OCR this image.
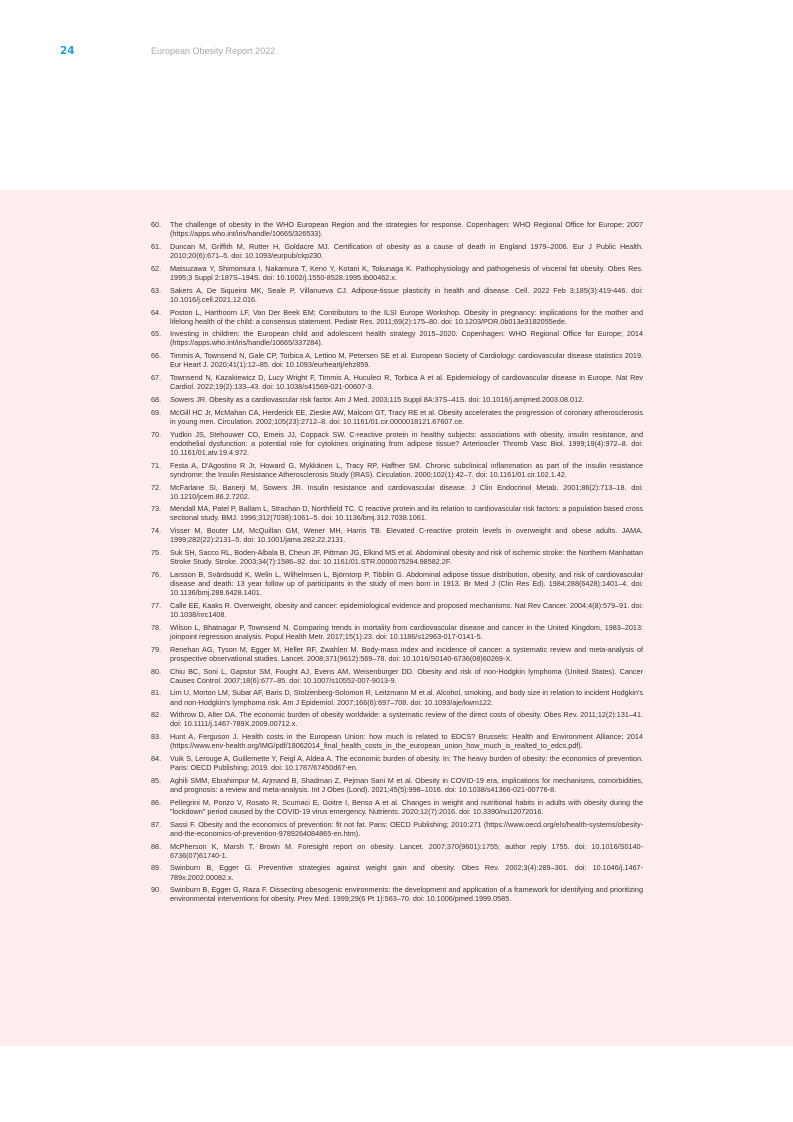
24	European Obesity Report 2022
60. The challenge of obesity in the WHO European Region and the strategies for response. Copenhagen: WHO Regional Office for Europe; 2007 (https://apps.who.int/iris/handle/10665/326533).
61. Duncan M, Griffith M, Rutter H, Goldacre MJ. Certification of obesity as a cause of death in England 1979–2006. Eur J Public Health. 2010;20(6):671–5. doi: 10.1093/eurpub/ckp230.
62. Matsuzawa Y, Shimomura I, Nakamura T, Keno Y, Kotani K, Tokunaga K. Pathophysiology and pathogenesis of visceral fat obesity. Obes Res. 1995;3 Suppl 2:187S–194S. doi: 10.1002/j.1550-8528.1995.tb00462.x.
63. Sakers A, De Siqueira MK, Seale P, Villanueva CJ. Adipose-tissue plasticity in health and disease. Cell. 2022 Feb 3;185(3):419-446. doi: 10.1016/j.cell.2021.12.016.
64. Poston L, Harthoorn LF, Van Der Beek EM; Contributors to the ILSI Europe Workshop. Obesity in pregnancy: implications for the mother and lifelong health of the child: a consensus statement. Pediatr Res. 2011;69(2):175–80. doi: 10.1203/PDR.0b013e3182055ede.
65. Investing in children: the European child and adolescent health strategy 2015–2020. Copenhagen: WHO Regional Office for Europe; 2014 (https://apps.who.int/iris/handle/10665/337284).
66. Timmis A, Townsend N, Gale CP, Torbica A, Lettino M, Petersen SE et al. European Society of Cardiology: cardiovascular disease statistics 2019. Eur Heart J. 2020;41(1):12–85. doi: 10.1093/eurheartj/ehz859.
67. Townsend N, Kazakiewicz D, Lucy Wright F, Timmis A, Huculeci R, Torbica A et al. Epidemiology of cardiovascular disease in Europe. Nat Rev Cardiol. 2022;19(2):133–43. doi: 10.1038/s41569-021-00607-3.
68. Sowers JR. Obesity as a cardiovascular risk factor. Am J Med. 2003;115 Suppl 8A:37S–41S. doi: 10.1016/j.amjmed.2003.08.012.
69. McGill HC Jr, McMahan CA, Herderick EE, Zieske AW, Malcom GT, Tracy RE et al. Obesity accelerates the progression of coronary atherosclerosis in young men. Circulation. 2002;105(23):2712–8. doi: 10.1161/01.cir.0000018121.67607.ce.
70. Yudkin JS, Stehouwer CD, Emeis JJ, Coppack SW. C-reactive protein in healthy subjects: associations with obesity, insulin resistance, and endothelial dysfunction: a potential role for cytokines originating from adipose tissue? Arterioscler Thromb Vasc Biol. 1999;19(4):972–8. doi: 10.1161/01.atv.19.4.972.
71. Festa A, D'Agostino R Jr, Howard G, Mykkänen L, Tracy RP, Haffner SM. Chronic subclinical inflammation as part of the insulin resistance syndrome: the Insulin Resistance Atherosclerosis Study (IRAS). Circulation. 2000;102(1):42–7. doi: 10.1161/01.cir.102.1.42.
72. McFarlane SI, Banerji M, Sowers JR. Insulin resistance and cardiovascular disease. J Clin Endocrinol Metab. 2001;86(2):713–18. doi: 10.1210/jcem.86.2.7202.
73. Mendall MA, Patel P, Ballam L, Strachan D, Northfield TC. C reactive protein and its relation to cardiovascular risk factors: a population based cross sectional study. BMJ. 1996;312(7038):1061–5. doi: 10.1136/bmj.312.7038.1061.
74. Visser M, Bouter LM, McQuillan GM, Wener MH, Harris TB. Elevated C-reactive protein levels in overweight and obese adults. JAMA. 1999;282(22):2131–5. doi: 10.1001/jama.282.22.2131.
75. Suk SH, Sacco RL, Boden-Albala B, Cheun JF, Pittman JG, Elkind MS et al. Abdominal obesity and risk of ischemic stroke: the Northern Manhattan Stroke Study. Stroke. 2003;34(7):1586–92. doi: 10.1161/01.STR.0000075294.98582.2F.
76. Larsson B, Svärdsudd K, Welin L, Wilhelmsen L, Björntorp P, Tibblin G. Abdominal adipose tissue distribution, obesity, and risk of cardiovascular disease and death: 13 year follow up of participants in the study of men born in 1913. Br Med J (Clin Res Ed). 1984;288(6428):1401–4. doi: 10.1136/bmj.288.6428.1401.
77. Calle EE, Kaaks R. Overweight, obesity and cancer: epidemiological evidence and proposed mechanisms. Nat Rev Cancer. 2004;4(8):579–91. doi: 10.1038/nrc1408.
78. Wilson L, Bhatnagar P, Townsend N. Comparing trends in mortality from cardiovascular disease and cancer in the United Kingdom, 1983–2013: joinpoint regression analysis. Popul Health Metr. 2017;15(1):23. doi: 10.1186/s12963-017-0141-5.
79. Renehan AG, Tyson M, Egger M, Heller RF, Zwahlen M. Body-mass index and incidence of cancer: a systematic review and meta-analysis of prospective observational studies. Lancet. 2008;371(9612):569–78. doi: 10.1016/S0140-6736(08)60269-X.
80. Chiu BC, Soni L, Gapstur SM, Fought AJ, Evens AM, Weisenburger DD. Obesity and risk of non-Hodgkin lymphoma (United States). Cancer Causes Control. 2007;18(6):677–85. doi: 10.1007/s10552-007-9013-9.
81. Lim U, Morton LM, Subar AF, Baris D, Stolzenberg-Solomon R, Leitzmann M et al. Alcohol, smoking, and body size in relation to incident Hodgkin's and non-Hodgkin's lymphoma risk. Am J Epidemiol. 2007;166(6):697–708. doi: 10.1093/aje/kwm122.
82. Withrow D, Alter DA. The economic burden of obesity worldwide: a systematic review of the direct costs of obesity. Obes Rev. 2011;12(2):131–41. doi: 10.1111/j.1467-789X.2009.00712.x.
83. Hunt A, Ferguson J. Health costs in the European Union: how much is related to EDCS? Brussels: Health and Environment Alliance; 2014 (https://www.env-health.org/IMG/pdf/18062014_final_health_costs_in_the_european_union_how_much_is_realted_to_edcs.pdf).
84. Vuik S, Lerouge A, Guillemette Y, Feigl A, Aldea A. The economic burden of obesity. In: The heavy burden of obesity: the economics of prevention. Paris: OECD Publishing; 2019. doi: 10.1787/67450d67-en.
85. Aghili SMM, Ebrahimpur M, Arjmand B, Shadman Z, Pejman Sani M et al. Obesity in COVID-19 era, implications for mechanisms, comorbidities, and prognosis: a review and meta-analysis. Int J Obes (Lond). 2021;45(5):998–1016. doi: 10.1038/s41366-021-00776-8.
86. Pellegrini M, Ponzo V, Rosato R, Scumaci E, Goitre I, Benso A et al. Changes in weight and nutritional habits in adults with obesity during the "lockdown" period caused by the COVID-19 virus emergency. Nutrients. 2020;12(7):2016. doi: 10.3390/nu12072016.
87. Sassi F. Obesity and the economics of prevention: fit not fat. Paris: OECD Publishing; 2010:271 (https://www.oecd.org/els/health-systems/obesity-and-the-economics-of-prevention-9789264084865-en.htm).
88. McPherson K, Marsh T, Brown M. Foresight report on obesity. Lancet. 2007;370(9601):1755; author reply 1755. doi: 10.1016/S0140-6736(07)61740-1.
89. Swinburn B, Egger G. Preventive strategies against weight gain and obesity. Obes Rev. 2002;3(4):289–301. doi: 10.1046/j.1467-789x.2002.00082.x.
90. Swinburn B, Egger G, Raza F. Dissecting obesogenic environments: the development and application of a framework for identifying and prioritizing environmental interventions for obesity. Prev Med. 1999;29(6 Pt 1):563–70. doi: 10.1006/pmed.1999.0585.
